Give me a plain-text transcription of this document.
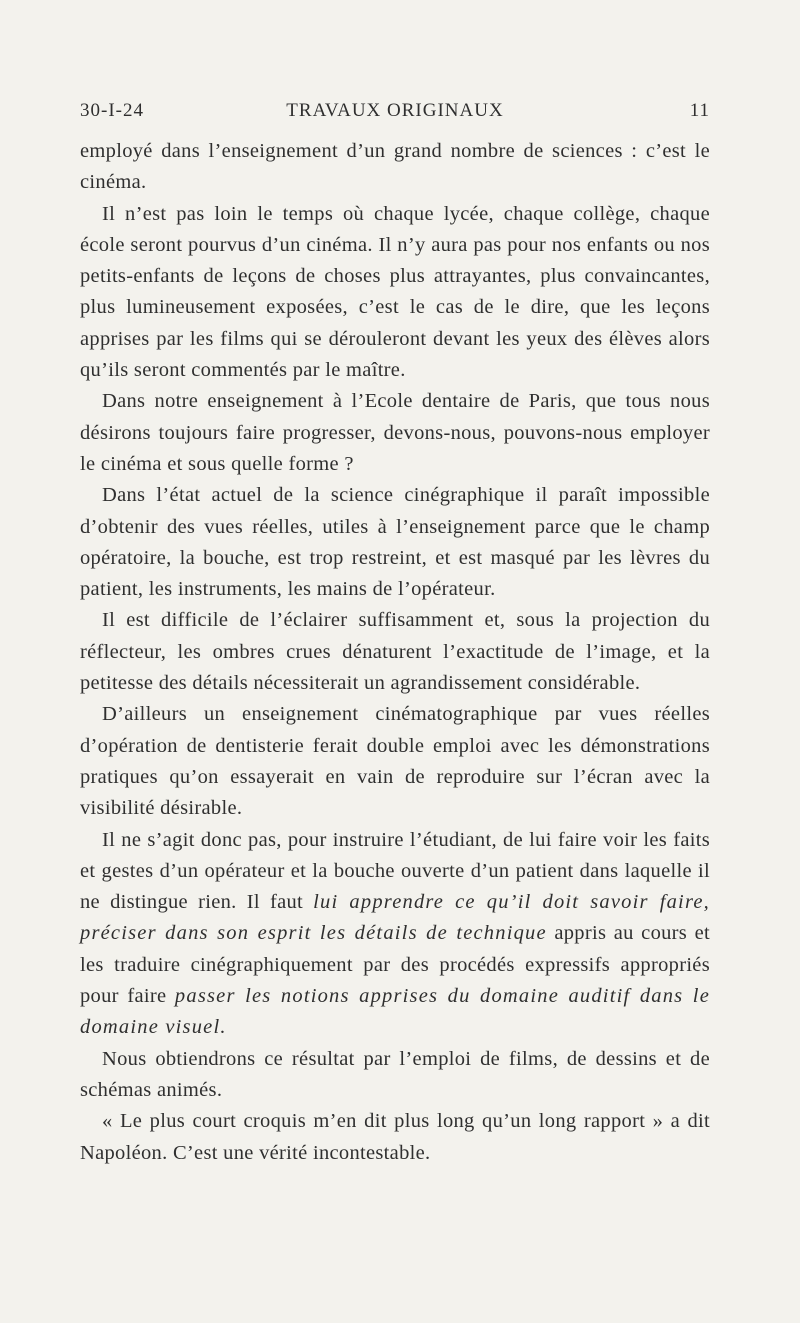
30-I-24	TRAVAUX ORIGINAUX	11

employé dans l’enseignement d’un grand nombre de sciences : c’est le cinéma.

Il n’est pas loin le temps où chaque lycée, chaque collège, chaque école seront pourvus d’un cinéma. Il n’y aura pas pour nos enfants ou nos petits-enfants de leçons de choses plus attrayantes, plus convaincantes, plus lumineusement exposées, c’est le cas de le dire, que les leçons apprises par les films qui se dérouleront devant les yeux des élèves alors qu’ils seront commentés par le maître.

Dans notre enseignement à l’Ecole dentaire de Paris, que tous nous désirons toujours faire progresser, devons-nous, pouvons-nous employer le cinéma et sous quelle forme ?

Dans l’état actuel de la science cinégraphique il paraît impossible d’obtenir des vues réelles, utiles à l’enseignement parce que le champ opératoire, la bouche, est trop restreint, et est masqué par les lèvres du patient, les instruments, les mains de l’opérateur.

Il est difficile de l’éclairer suffisamment et, sous la projection du réflecteur, les ombres crues dénaturent l’exactitude de l’image, et la petitesse des détails nécessiterait un agrandissement considérable.

D’ailleurs un enseignement cinématographique par vues réelles d’opération de dentisterie ferait double emploi avec les démonstrations pratiques qu’on essayerait en vain de reproduire sur l’écran avec la visibilité désirable.

Il ne s’agit donc pas, pour instruire l’étudiant, de lui faire voir les faits et gestes d’un opérateur et la bouche ouverte d’un patient dans laquelle il ne distingue rien. Il faut lui apprendre ce qu’il doit savoir faire, préciser dans son esprit les détails de technique appris au cours et les traduire cinégraphiquement par des procédés expressifs appropriés pour faire passer les notions apprises du domaine auditif dans le domaine visuel.

Nous obtiendrons ce résultat par l’emploi de films, de dessins et de schémas animés.

« Le plus court croquis m’en dit plus long qu’un long rapport » a dit Napoléon. C’est une vérité incontestable.
